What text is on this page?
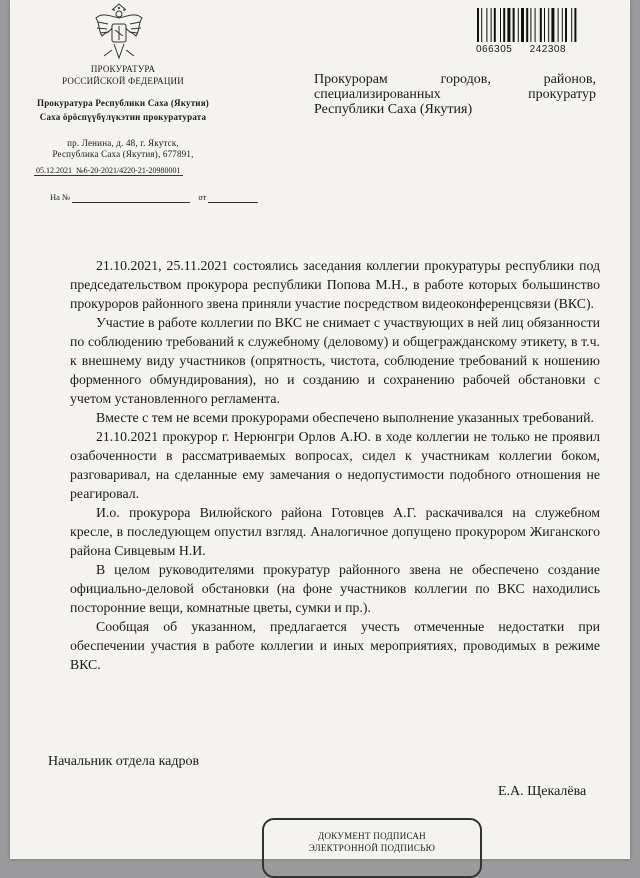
ПРОКУРАТУРА
РОССИЙСКОЙ ФЕДЕРАЦИИ
Прокуратура Республики Саха (Якутия)
Саха öрöспүүбүлүкэтин прокуратурата
пр. Ленина, д. 48, г. Якутск,
Республика Саха (Якутия), 677891,
05.12.2021 №6-20-2021/4220-21-20980001
На №	от
066305 242308
Прокурорам городов, районов,
специализированных прокуратур
Республики Саха (Якутия)

21.10.2021, 25.11.2021 состоялись заседания коллегии прокуратуры республики под председательством прокурора республики Попова М.Н., в работе которых большинство прокуроров районного звена приняли участие посредством видеоконференцсвязи (ВКС).

Участие в работе коллегии по ВКС не снимает с участвующих в ней лиц обязанности по соблюдению требований к служебному (деловому) и общегражданскому этикету, в т.ч. к внешнему виду участников (опрятность, чистота, соблюдение требований к ношению форменного обмундирования), но и созданию и сохранению рабочей обстановки с учетом установленного регламента.

Вместе с тем не всеми прокурорами обеспечено выполнение указанных требований.

21.10.2021 прокурор г. Нерюнгри Орлов А.Ю. в ходе коллегии не только не проявил озабоченности в рассматриваемых вопросах, сидел к участникам коллегии боком, разговаривал, на сделанные ему замечания о недопустимости подобного отношения не реагировал.

И.о. прокурора Вилюйского района Готовцев А.Г. раскачивался на служебном кресле, в последующем опустил взгляд. Аналогичное допущено прокурором Жиганского района Сивцевым Н.И.

В целом руководителями прокуратур районного звена не обеспечено создание официально-деловой обстановки (на фоне участников коллегии по ВКС находились посторонние вещи, комнатные цветы, сумки и пр.).

Сообщая об указанном, предлагается учесть отмеченные недостатки при обеспечении участия в работе коллегии и иных мероприятиях, проводимых в режиме ВКС.

Начальник отдела кадров
Е.А. Щекалёва
ДОКУМЕНТ ПОДПИСАН
ЭЛЕКТРОННОЙ ПОДПИСЬЮ
